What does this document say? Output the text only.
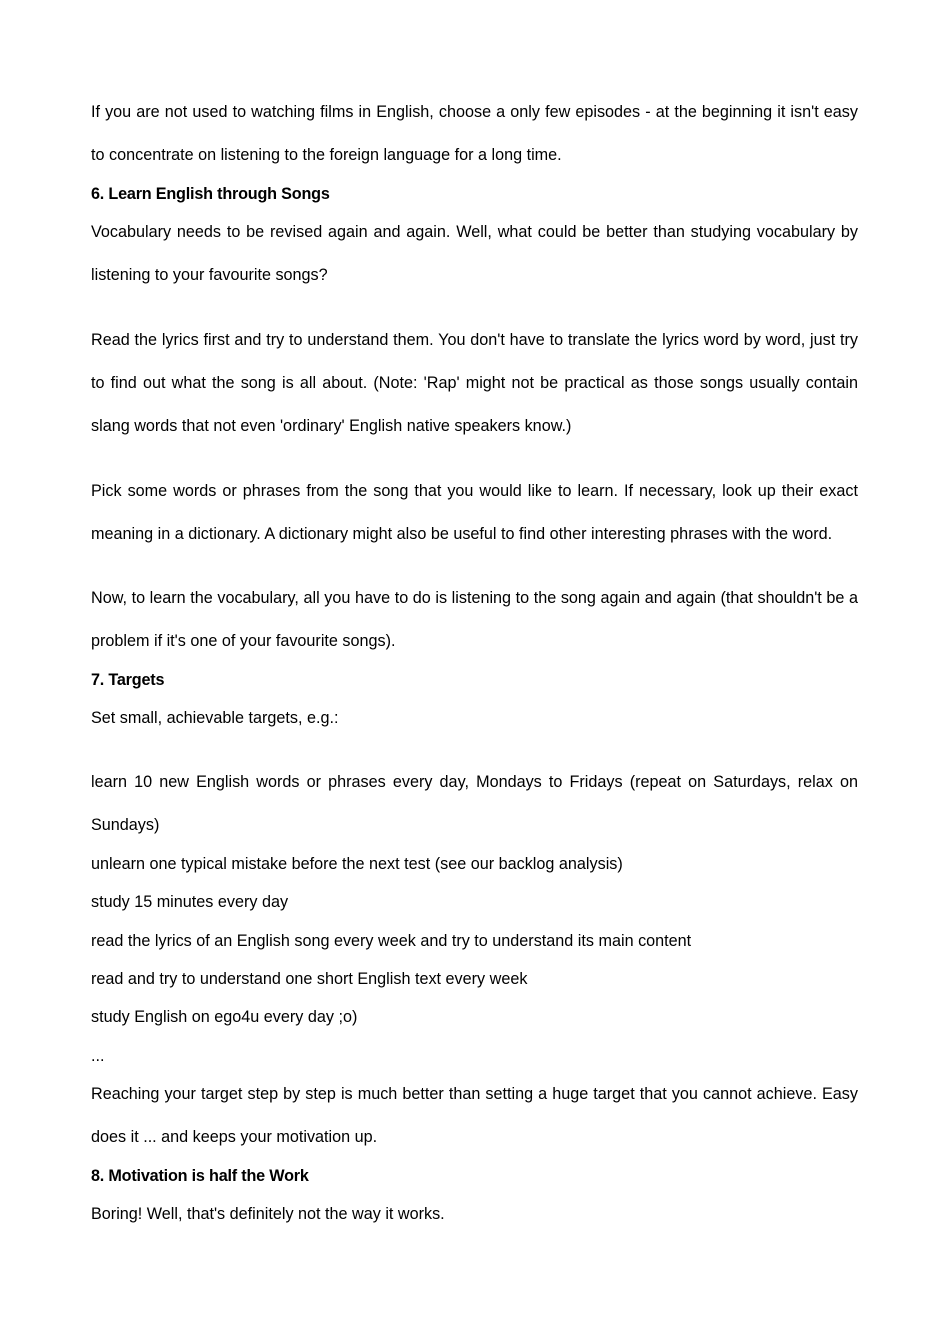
If you are not used to watching films in English, choose a only few episodes - at the beginning it isn't easy to concentrate on listening to the foreign language for a long time.

6. Learn English through Songs

Vocabulary needs to be revised again and again. Well, what could be better than studying vocabulary by listening to your favourite songs?

Read the lyrics first and try to understand them. You don't have to translate the lyrics word by word, just try to find out what the song is all about. (Note: 'Rap' might not be practical as those songs usually contain slang words that not even 'ordinary' English native speakers know.)

Pick some words or phrases from the song that you would like to learn. If necessary, look up their exact meaning in a dictionary. A dictionary might also be useful to find other interesting phrases with the word.

Now, to learn the vocabulary, all you have to do is listening to the song again and again (that shouldn't be a problem if it's one of your favourite songs).

7. Targets

Set small, achievable targets, e.g.:

learn 10 new English words or phrases every day, Mondays to Fridays (repeat on Saturdays, relax on Sundays)

unlearn one typical mistake before the next test (see our backlog analysis)

study 15 minutes every day

read the lyrics of an English song every week and try to understand its main content

read and try to understand one short English text every week

study English on ego4u every day ;o)

...

Reaching your target step by step is much better than setting a huge target that you cannot achieve. Easy does it ... and keeps your motivation up.

8. Motivation is half the Work

Boring! Well, that's definitely not the way it works.
